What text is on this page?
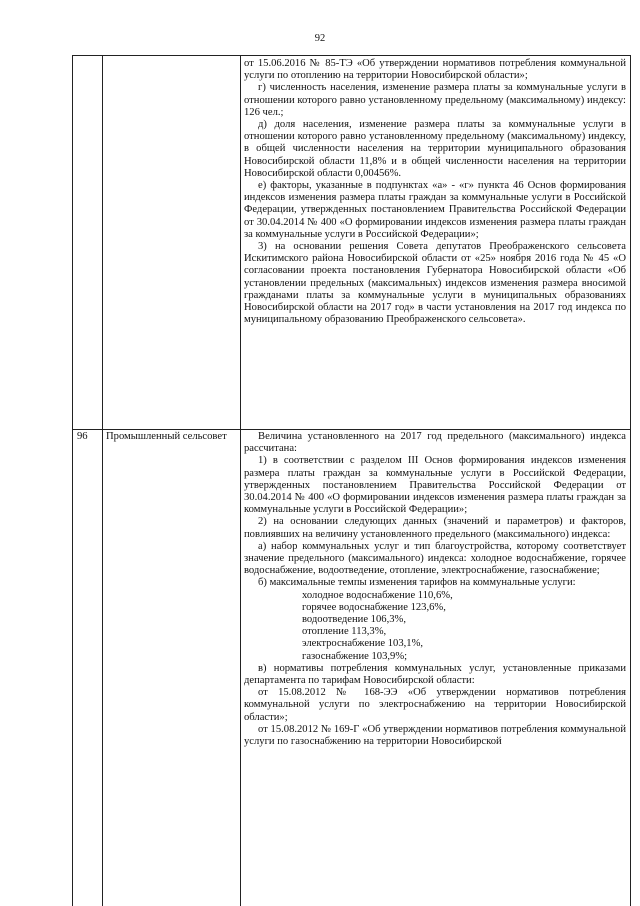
92

от 15.06.2016 № 85-ТЭ «Об утверждении нормативов потребления коммунальной услуги по отоплению на территории Новосибирской области»;

г) численность населения, изменение размера платы за коммунальные услуги в отношении которого равно установленному предельному (максимальному) индексу: 126 чел.;

д) доля населения, изменение размера платы за коммунальные услуги в отношении которого равно установленному предельному (максимальному) индексу, в общей численности населения на территории муниципального образования Новосибирской области 11,8% и в общей численности населения на территории Новосибирской области 0,00456%.

е) факторы, указанные в подпунктах «а» - «г» пункта 46 Основ формирования индексов изменения размера платы граждан за коммунальные услуги в Российской Федерации, утвержденных постановлением Правительства Российской Федерации от 30.04.2014 № 400 «О формировании индексов изменения размера платы граждан за коммунальные услуги в Российской Федерации»;

3) на основании решения Совета депутатов Преображенского сельсовета Искитимского района Новосибирской области от «25» ноября 2016 года № 45 «О согласовании проекта постановления Губернатора Новосибирской области «Об установлении предельных (максимальных) индексов изменения размера вносимой гражданами платы за коммунальные услуги в муниципальных образованиях Новосибирской области на 2017 год» в части установления на 2017 год индекса по муниципальному образованию Преображенского сельсовета».

96 Промышленный сельсовет	Величина установленного на 2017 год предельного (максимального) индекса рассчитана:

1) в соответствии с разделом III Основ формирования индексов изменения размера платы граждан за коммунальные услуги в Российской Федерации, утвержденных постановлением Правительства Российской Федерации от 30.04.2014 № 400 «О формировании индексов изменения размера платы граждан за коммунальные услуги в Российской Федерации»;

2) на основании следующих данных (значений и параметров) и факторов, повлиявших на величину установленного предельного (максимального) индекса:

а) набор коммунальных услуг и тип благоустройства, которому соответствует значение предельного (максимального) индекса: холодное водоснабжение, горячее водоснабжение, водоотведение, отопление, электроснабжение, газоснабжение;

б) максимальные темпы изменения тарифов на коммунальные услуги:

холодное водоснабжение 110,6%,

горячее водоснабжение 123,6%,

водоотведение 106,3%,

отопление 113,3%,

электроснабжение 103,1%,

газоснабжение 103,9%;

в) нормативы потребления коммунальных услуг, установленные приказами департамента по тарифам Новосибирской области:

от 15.08.2012 № 168-ЭЭ «Об утверждении нормативов потребления коммунальной услуги по электроснабжению на территории Новосибирской области»;

от 15.08.2012 № 169-Г «Об утверждении нормативов потребления коммунальной услуги по газоснабжению на территории Новосибирской
